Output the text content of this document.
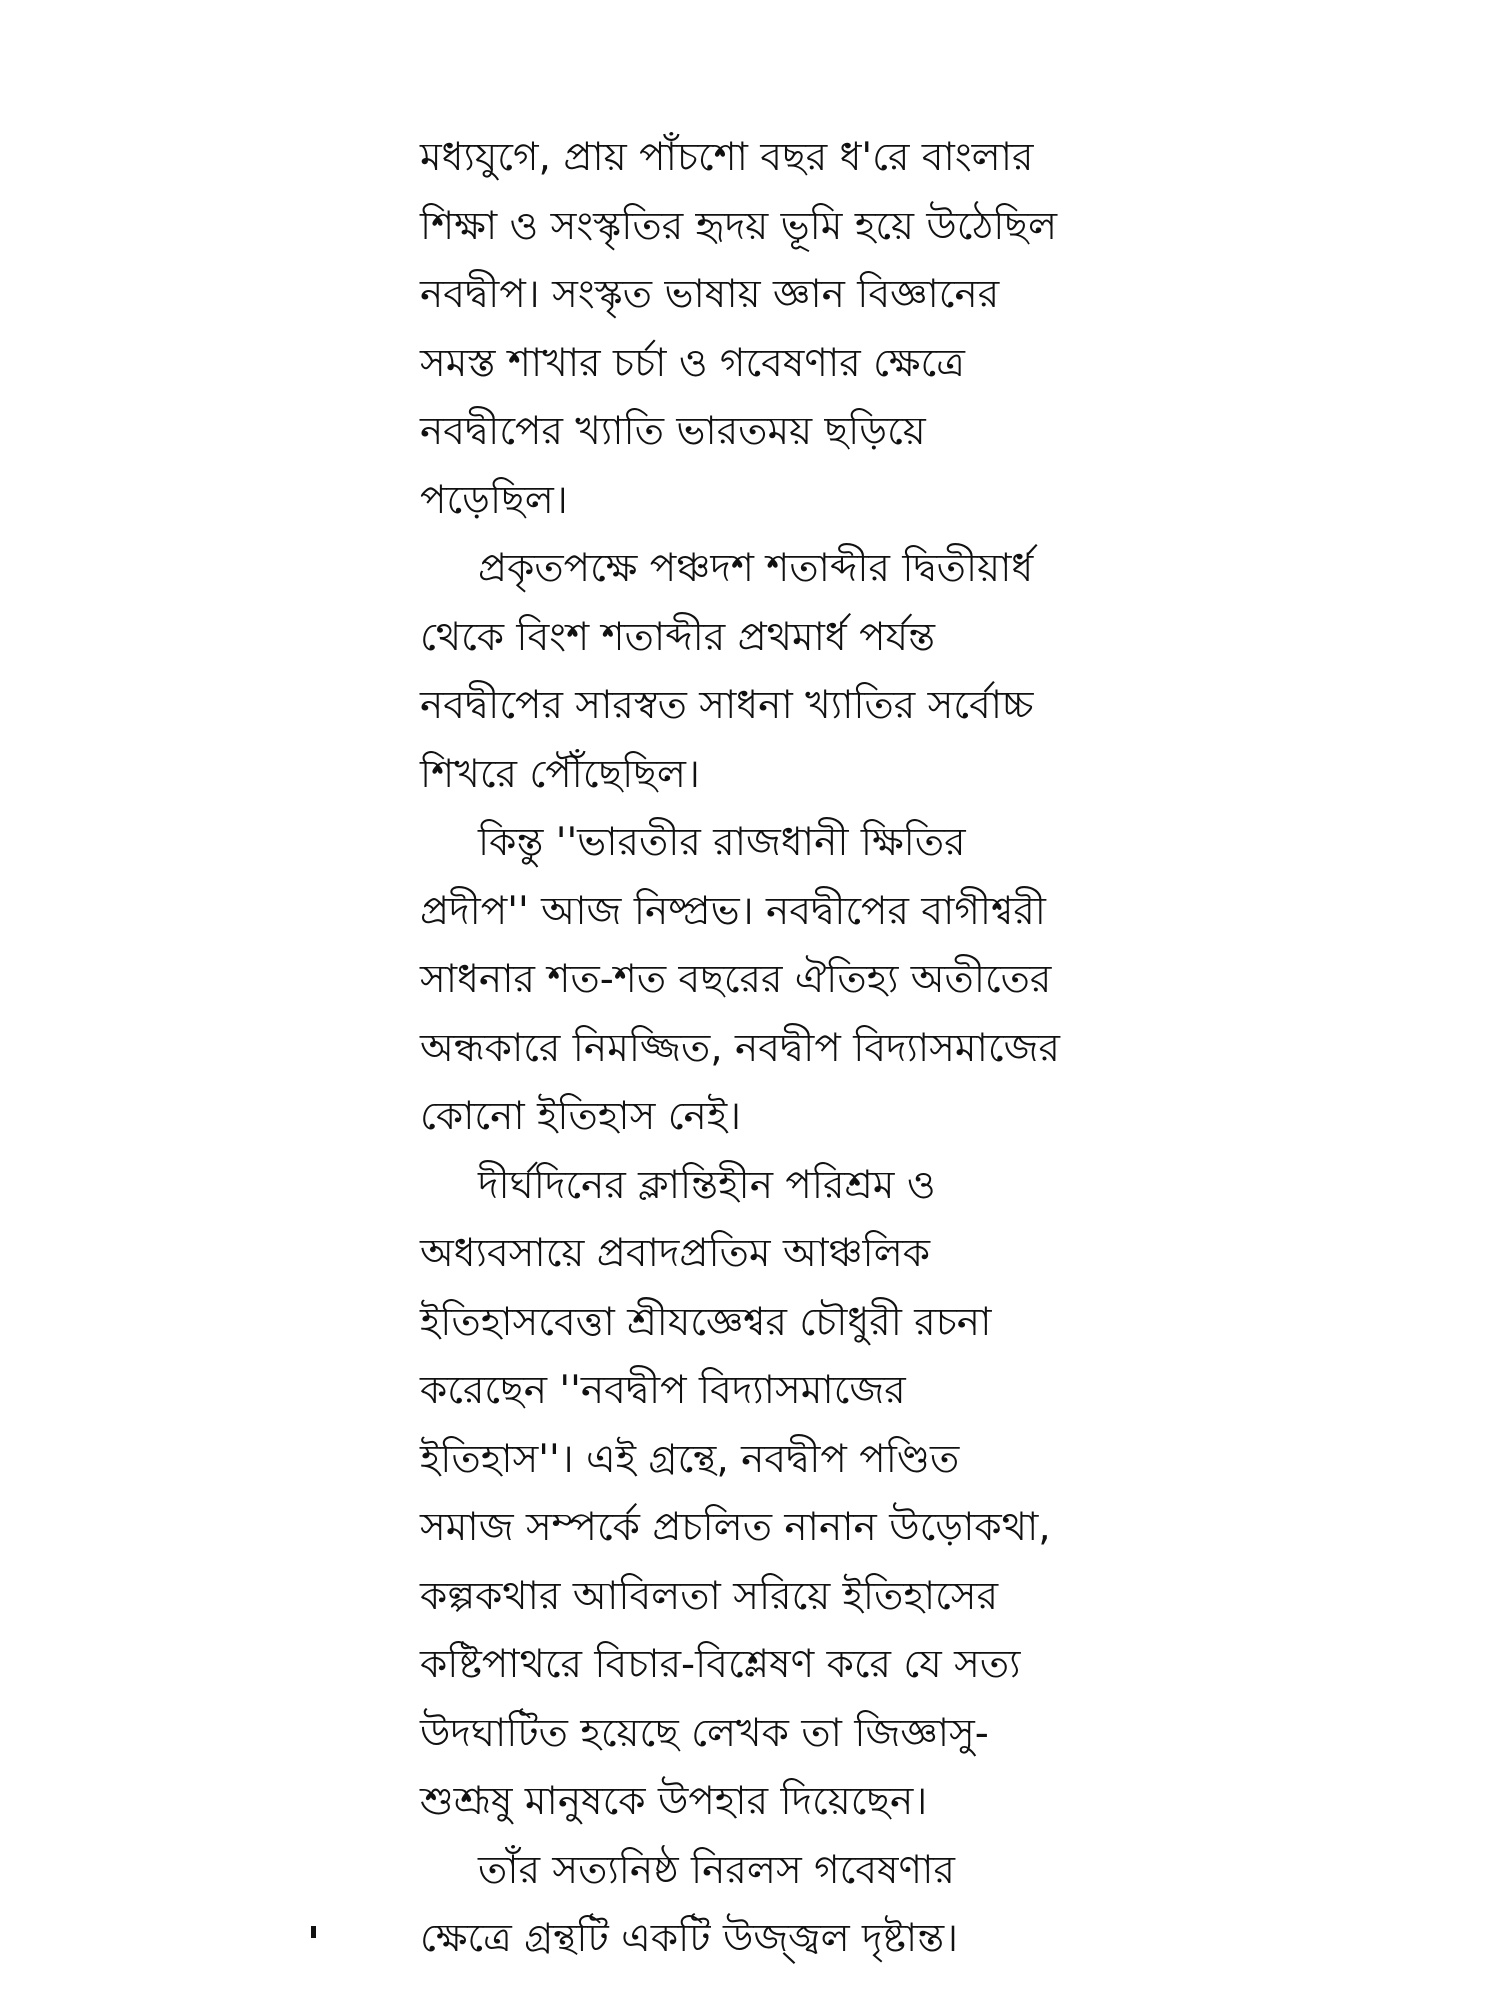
মধ্যযুগে, প্রায় পাঁচশো বছর ধ'রে বাংলার
শিক্ষা ও সংস্কৃতির হৃদয় ভূমি হয়ে উঠেছিল
নবদ্বীপ। সংস্কৃত ভাষায় জ্ঞান বিজ্ঞানের
সমস্ত শাখার চর্চা ও গবেষণার ক্ষেত্রে
নবদ্বীপের খ্যাতি ভারতময় ছড়িয়ে
পড়েছিল।

প্রকৃতপক্ষে পঞ্চদশ শতাব্দীর দ্বিতীয়ার্ধ
থেকে বিংশ শতাব্দীর প্রথমার্ধ পর্যন্ত
নবদ্বীপের সারস্বত সাধনা খ্যাতির সর্বোচ্চ
শিখরে পৌঁছেছিল।

কিন্তু ''ভারতীর রাজধানী ক্ষিতির
প্রদীপ'' আজ নিষ্প্রভ। নবদ্বীপের বাগীশ্বরী
সাধনার শত-শত বছরের ঐতিহ্য অতীতের
অন্ধকারে নিমজ্জিত, নবদ্বীপ বিদ্যাসমাজের
কোনো ইতিহাস নেই।

দীর্ঘদিনের ক্লান্তিহীন পরিশ্রম ও
অধ্যবসায়ে প্রবাদপ্রতিম আঞ্চলিক
ইতিহাসবেত্তা শ্রীযজ্ঞেশ্বর চৌধুরী রচনা
করেছেন ''নবদ্বীপ বিদ্যাসমাজের
ইতিহাস''। এই গ্রন্থে, নবদ্বীপ পণ্ডিত
সমাজ সম্পর্কে প্রচলিত নানান উড়োকথা,
কল্পকথার আবিলতা সরিয়ে ইতিহাসের
কষ্টিপাথরে বিচার-বিশ্লেষণ করে যে সত্য
উদঘাটিত হয়েছে লেখক তা জিজ্ঞাসু-
শুশ্রূষু মানুষকে উপহার দিয়েছেন।

তাঁর সত্যনিষ্ঠ নিরলস গবেষণার
ক্ষেত্রে গ্রন্থটি একটি উজ্জ্বল দৃষ্টান্ত।
